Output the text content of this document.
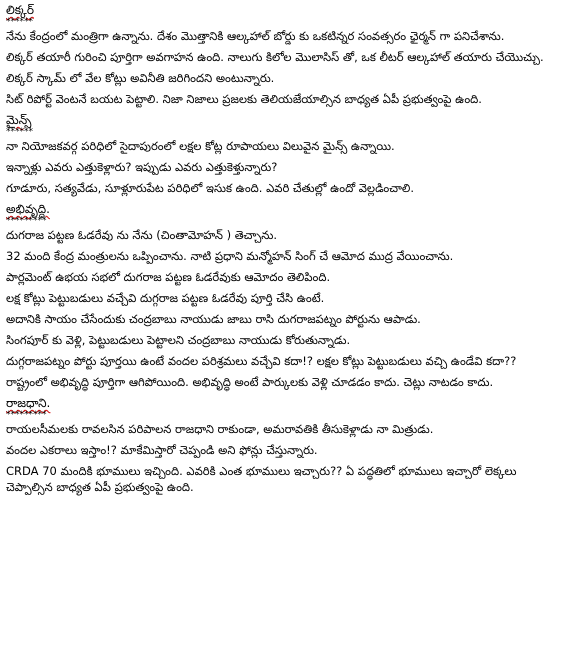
లిక్కర్
******
నేను కేంద్రంలో మంత్రిగా ఉన్నాను. దేశం మొత్తానికి ఆల్కహాల్ బోర్డు కు ఒకటిన్నర సంవత్సరం ఛైర్మన్ గా పనిచేశాను.
లిక్కర్ తయారీ గురించి పూర్తిగా అవగాహన ఉంది. నాలుగు కిలోల మొలాసిస్ తో, ఒక లీటర్ ఆల్కహాల్ తయారు చేయొచ్చు.
లిక్కర్ స్కామ్ లో వేల కోట్లు అవినీతి జరిగిందని అంటున్నారు.
సిట్ రిపోర్ట్ వెంటనే బయట పెట్టాలి. నిజా నిజాలు ప్రజలకు తెలియజేయాల్సిన బాధ్యత ఏపీ ప్రభుత్వంపై ఉంది.
మైన్స్
******
నా నియోజకవర్గ పరిధిలో సైదాపురంలో లక్షల కోట్ల రూపాయలు విలువైన మైన్స్ ఉన్నాయి.
ఇన్నాళ్లు ఎవరు ఎత్తుకెళ్లారు? ఇప్పుడు ఎవరు ఎత్తుకెళ్తున్నారు?
గూడూరు, సత్యవేడు, సూళ్లూరుపేట పరిధిలో ఇసుక ఉంది. ఎవరి చేతుల్లో ఉందో వెల్లడించాలి.
అభివృద్ధి.
*********
దుగరాజ పట్టణ ఓడరేవు ను నేను (చింతామోహన్ ) తెచ్చాను.
32 మంది కేంద్ర మంత్రులను ఒప్పించాను. నాటి ప్రధాని మన్మోహన్ సింగ్ చే ఆమోద ముద్ర వేయించాను.
పార్లమెంట్ ఉభయ సభలో దుగరాజ పట్టణ ఓడరేవుకు ఆమోదం తెలిపింది.
లక్ష కోట్లు పెట్టుబడులు వచ్చేవి దుగ్గరాజ పట్టణ ఓడరేవు పూర్తి చేసి ఉంటే.
అదానికి సాయం చేసేందుకు చంద్రబాబు నాయుడు జాబు రాసి దుగరాజపట్నం పోర్టును ఆపాడు.
సింగపూర్ కు వెళ్లి, పెట్టుబడులు పెట్టాలని చంద్రబాబు నాయుడు కోరుతున్నాడు.
దుగ్గరాజపట్నం పోర్టు పూర్తయి ఉంటే వందల పరిశ్రమలు వచ్చేవి కదా!? లక్షల కోట్లు పెట్టుబడులు వచ్చి ఉండేవి కదా??
రాష్ట్రంలో అభివృద్ధి పూర్తిగా ఆగిపోయింది. అభివృద్ధి అంటే పార్కులకు వెళ్లి చూడడం కాదు. చెట్లు నాటడం కాదు.
రాజధాని.
*********
రాయలసీమలకు రావలసిన పరిపాలన రాజధాని రాకుండా, అమరావతికి తీసుకెళ్లాడు నా మిత్రుడు.
వందల ఎకరాలు ఇస్తాం!? మాకేమిస్తారో చెప్పండి అని ఫోన్లు చేస్తున్నారు.
CRDA 70 మందికి భూములు ఇచ్చింది. ఎవరికి ఎంత భూములు ఇచ్చారు?? ఏ పద్ధతిలో భూములు ఇచ్చారో లెక్కలు చెప్పాల్సిన బాధ్యత ఏపీ ప్రభుత్వంపై ఉంది.
